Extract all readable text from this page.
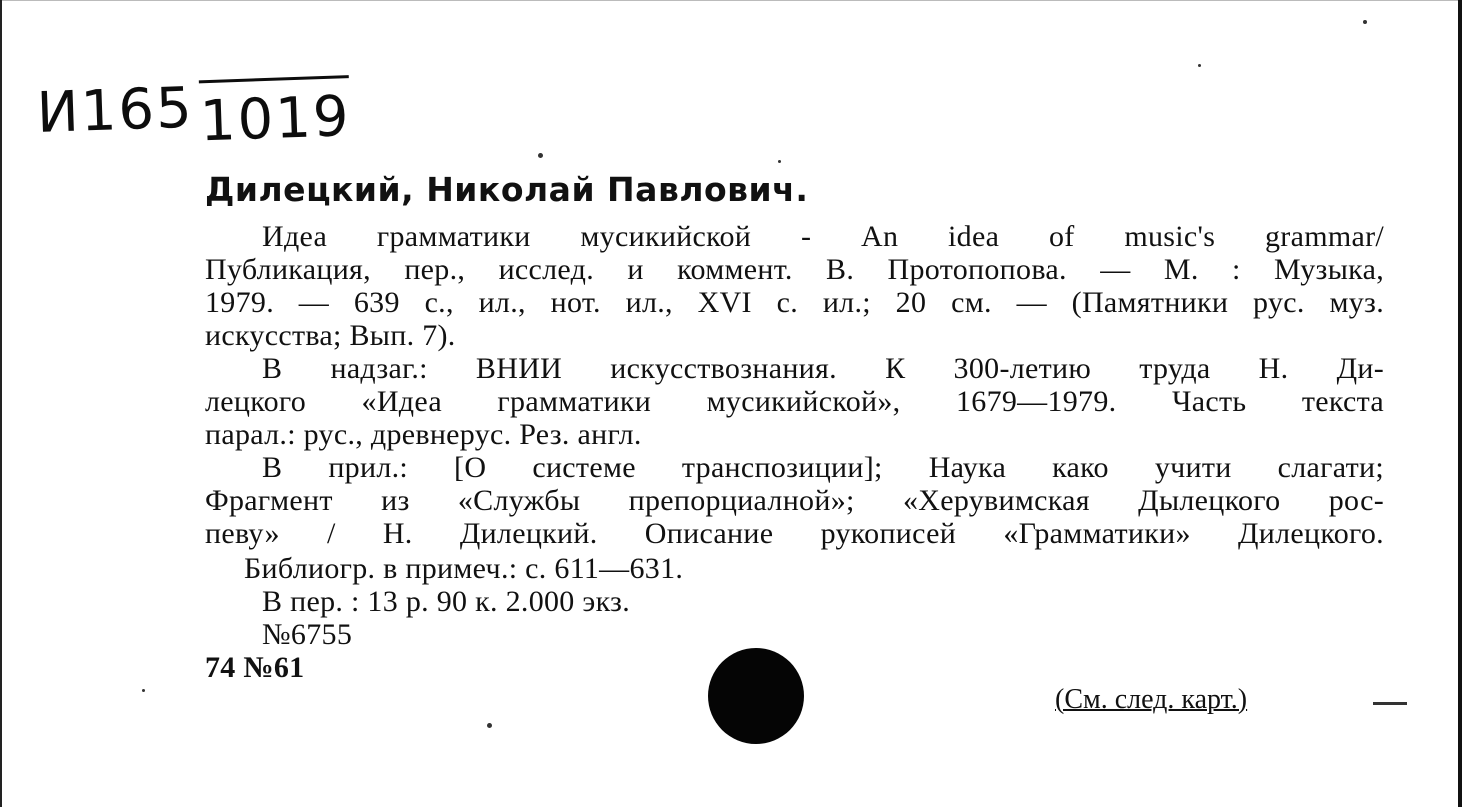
И1651019
Дилецкий, Николай Павлович.
Идеа грамматики мусикийской - An idea of music's grammar/
Публикация, пер., исслед. и коммент. В. Протопопова. — М. : Музыка,
1979. — 639 с., ил., нот. ил., XVI с. ил.; 20 см. — (Памятники рус. муз.
искусства; Вып. 7).
В надзаг.: ВНИИ искусствознания. К 300-летию труда Н. Ди-
лецкого «Идеа грамматики мусикийской», 1679—1979. Часть текста
парал.: рус., древнерус. Рез. англ.
В прил.: [О системе транспозиции]; Наука како учити слагати;
Фрагмент из «Службы препорциалной»; «Херувимская Дылецкого рос-
певу» / Н. Дилецкий. Описание рукописей «Грамматики» Дилецкого.
Библиогр. в примеч.: с. 611—631.
В пер. : 13 р. 90 к. 2.000 экз.
№6755
74 №61
(См. след. карт.)
